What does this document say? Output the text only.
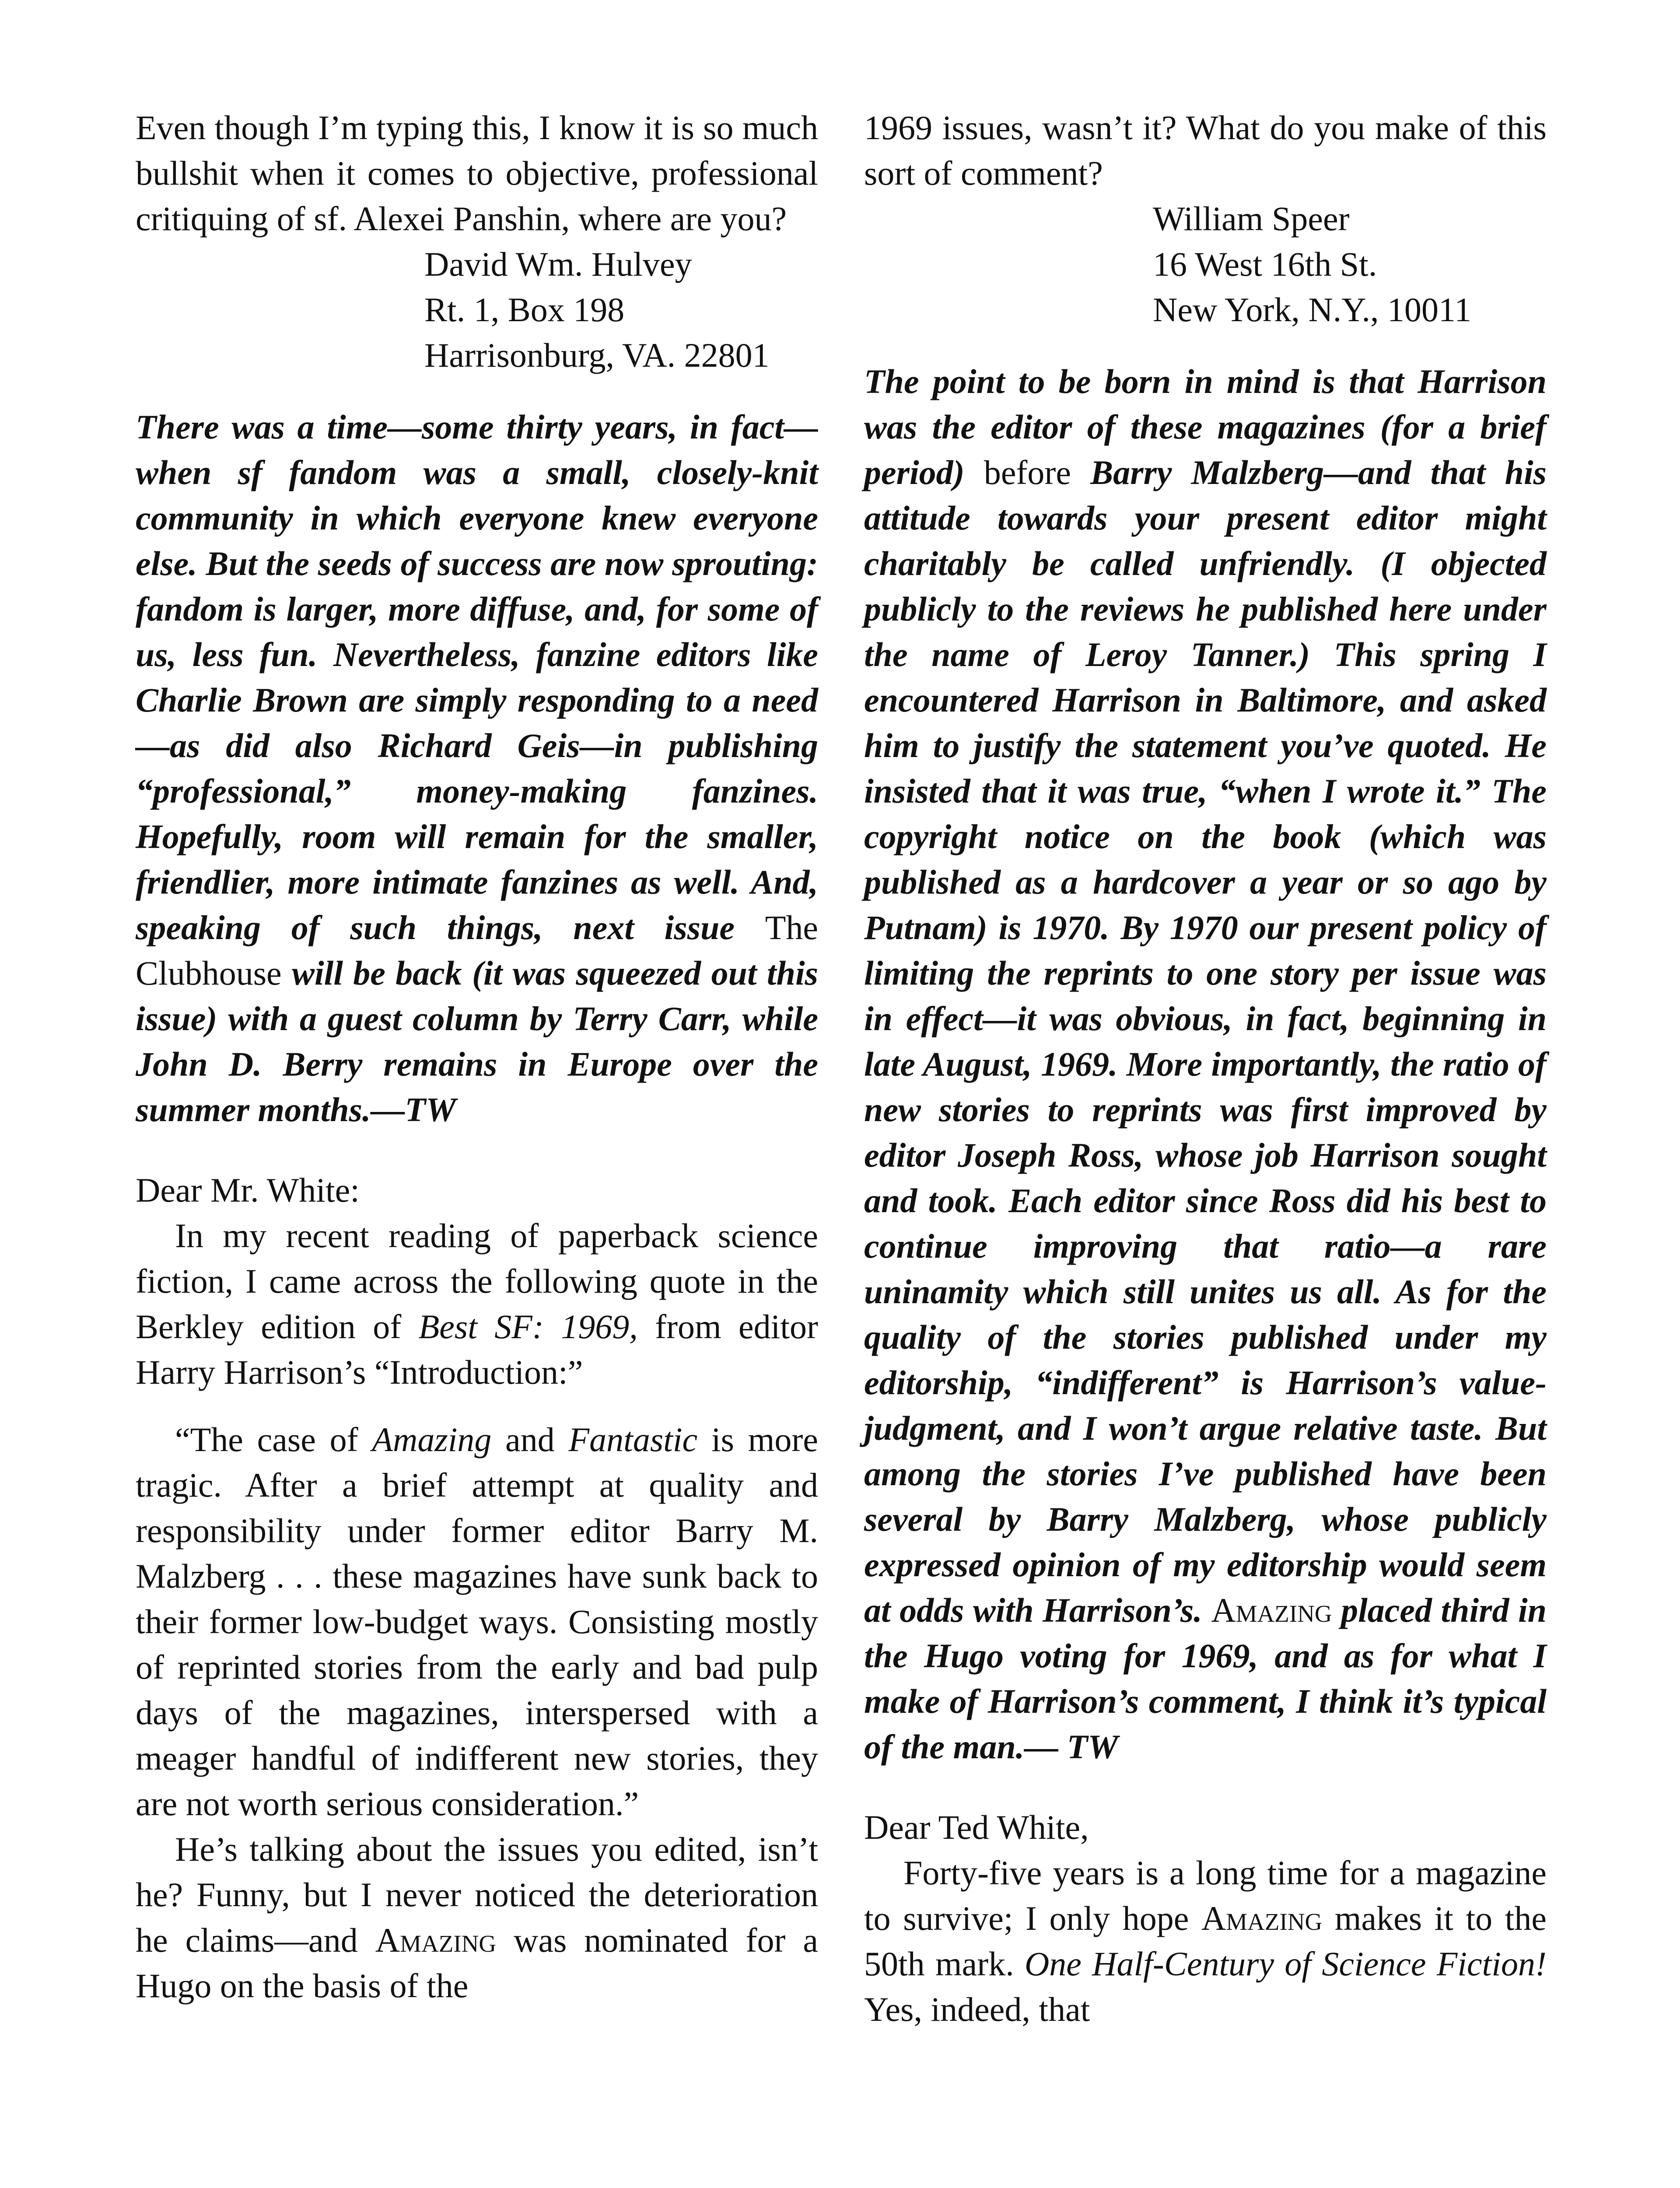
Even though I’m typing this, I know it is so much bullshit when it comes to objective, professional critiquing of sf. Alexei Panshin, where are you?

David Wm. Hulvey
Rt. 1, Box 198
Harrisonburg, VA. 22801

There was a time—some thirty years, in fact—when sf fandom was a small, closely-knit community in which everyone knew everyone else. But the seeds of success are now sprouting: fandom is larger, more diffuse, and, for some of us, less fun. Nevertheless, fanzine editors like Charlie Brown are simply responding to a need—as did also Richard Geis—in publishing “professional,” money-making fanzines. Hopefully, room will remain for the smaller, friendlier, more intimate fanzines as well. And, speaking of such things, next issue The Clubhouse will be back (it was squeezed out this issue) with a guest column by Terry Carr, while John D. Berry remains in Europe over the summer months.—TW

Dear Mr. White:

In my recent reading of paperback science fiction, I came across the following quote in the Berkley edition of Best SF: 1969, from editor Harry Harrison’s “Introduction:”

“The case of Amazing and Fantastic is more tragic. After a brief attempt at quality and responsibility under former editor Barry M. Malzberg . . . these magazines have sunk back to their former low-budget ways. Consisting mostly of reprinted stories from the early and bad pulp days of the magazines, interspersed with a meager handful of indifferent new stories, they are not worth serious consideration.”

He’s talking about the issues you edited, isn’t he? Funny, but I never noticed the deterioration he claims—and Amazing was nominated for a Hugo on the basis of the

1969 issues, wasn’t it? What do you make of this sort of comment?

William Speer
16 West 16th St.
New York, N.Y., 10011

The point to be born in mind is that Harrison was the editor of these magazines (for a brief period) before Barry Malzberg—and that his attitude towards your present editor might charitably be called unfriendly. (I objected publicly to the reviews he published here under the name of Leroy Tanner.) This spring I encountered Harrison in Baltimore, and asked him to justify the statement you’ve quoted. He insisted that it was true, “when I wrote it.” The copyright notice on the book (which was published as a hardcover a year or so ago by Putnam) is 1970. By 1970 our present policy of limiting the reprints to one story per issue was in effect—it was obvious, in fact, beginning in late August, 1969. More importantly, the ratio of new stories to reprints was first improved by editor Joseph Ross, whose job Harrison sought and took. Each editor since Ross did his best to continue improving that ratio—a rare uninamity which still unites us all. As for the quality of the stories published under my editorship, “indifferent” is Harrison’s value-judgment, and I won’t argue relative taste. But among the stories I’ve published have been several by Barry Malzberg, whose publicly expressed opinion of my editorship would seem at odds with Harrison’s. Amazing placed third in the Hugo voting for 1969, and as for what I make of Harrison’s comment, I think it’s typical of the man.— TW

Dear Ted White,

Forty-five years is a long time for a magazine to survive; I only hope Amazing makes it to the 50th mark. One Half-Century of Science Fiction! Yes, indeed, that
